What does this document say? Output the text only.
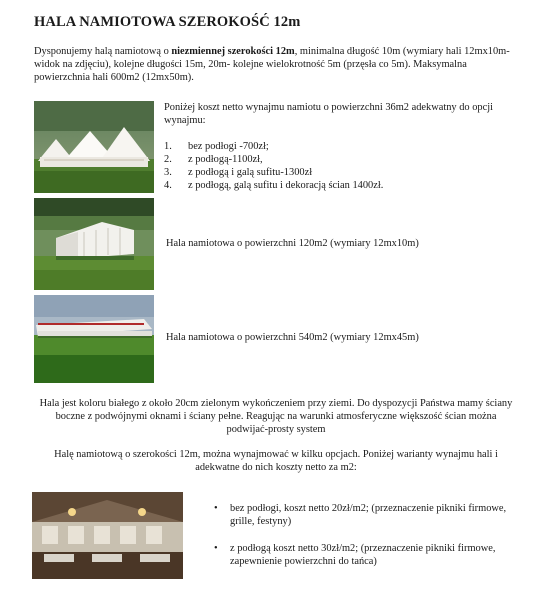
HALA NAMIOTOWA SZEROKOŚĆ 12m
Dysponujemy halą namiotową o niezmiennej szerokości 12m, minimalna długość 10m (wymiary hali 12mx10m-widok na zdjęciu), kolejne długości 15m, 20m- kolejne wielokrotność 5m (przęsła co 5m). Maksymalna powierzchnia hali 600m2 (12mx50m).
Poniżej koszt netto wynajmu namiotu o powierzchni 36m2 adekwatny do opcji wynajmu:
1.	bez podłogi -700zł;
2.	z podłogą-1100zł,
3.	z podłogą i galą sufitu-1300zł
4.	z podłogą, galą sufitu i dekoracją ścian 1400zł.
Hala namiotowa o powierzchni 120m2 (wymiary 12mx10m)
Hala namiotowa o powierzchni 540m2 (wymiary 12mx45m)
Hala jest koloru białego z około 20cm zielonym wykończeniem przy ziemi. Do dyspozycji Państwa mamy ściany boczne z podwójnymi oknami i ściany pełne. Reagując na warunki atmosferyczne większość ścian można podwijać-prosty system
Halę namiotową o szerokości 12m, można wynajmować w kilku opcjach. Poniżej warianty wynajmu hali i adekwatne do nich koszty netto za m2:
•	bez podłogi, koszt netto 20zł/m2; (przeznaczenie pikniki firmowe, grille, festyny)
•	z podłogą koszt netto 30zł/m2; (przeznaczenie pikniki firmowe, zapewnienie powierzchni do tańca)
